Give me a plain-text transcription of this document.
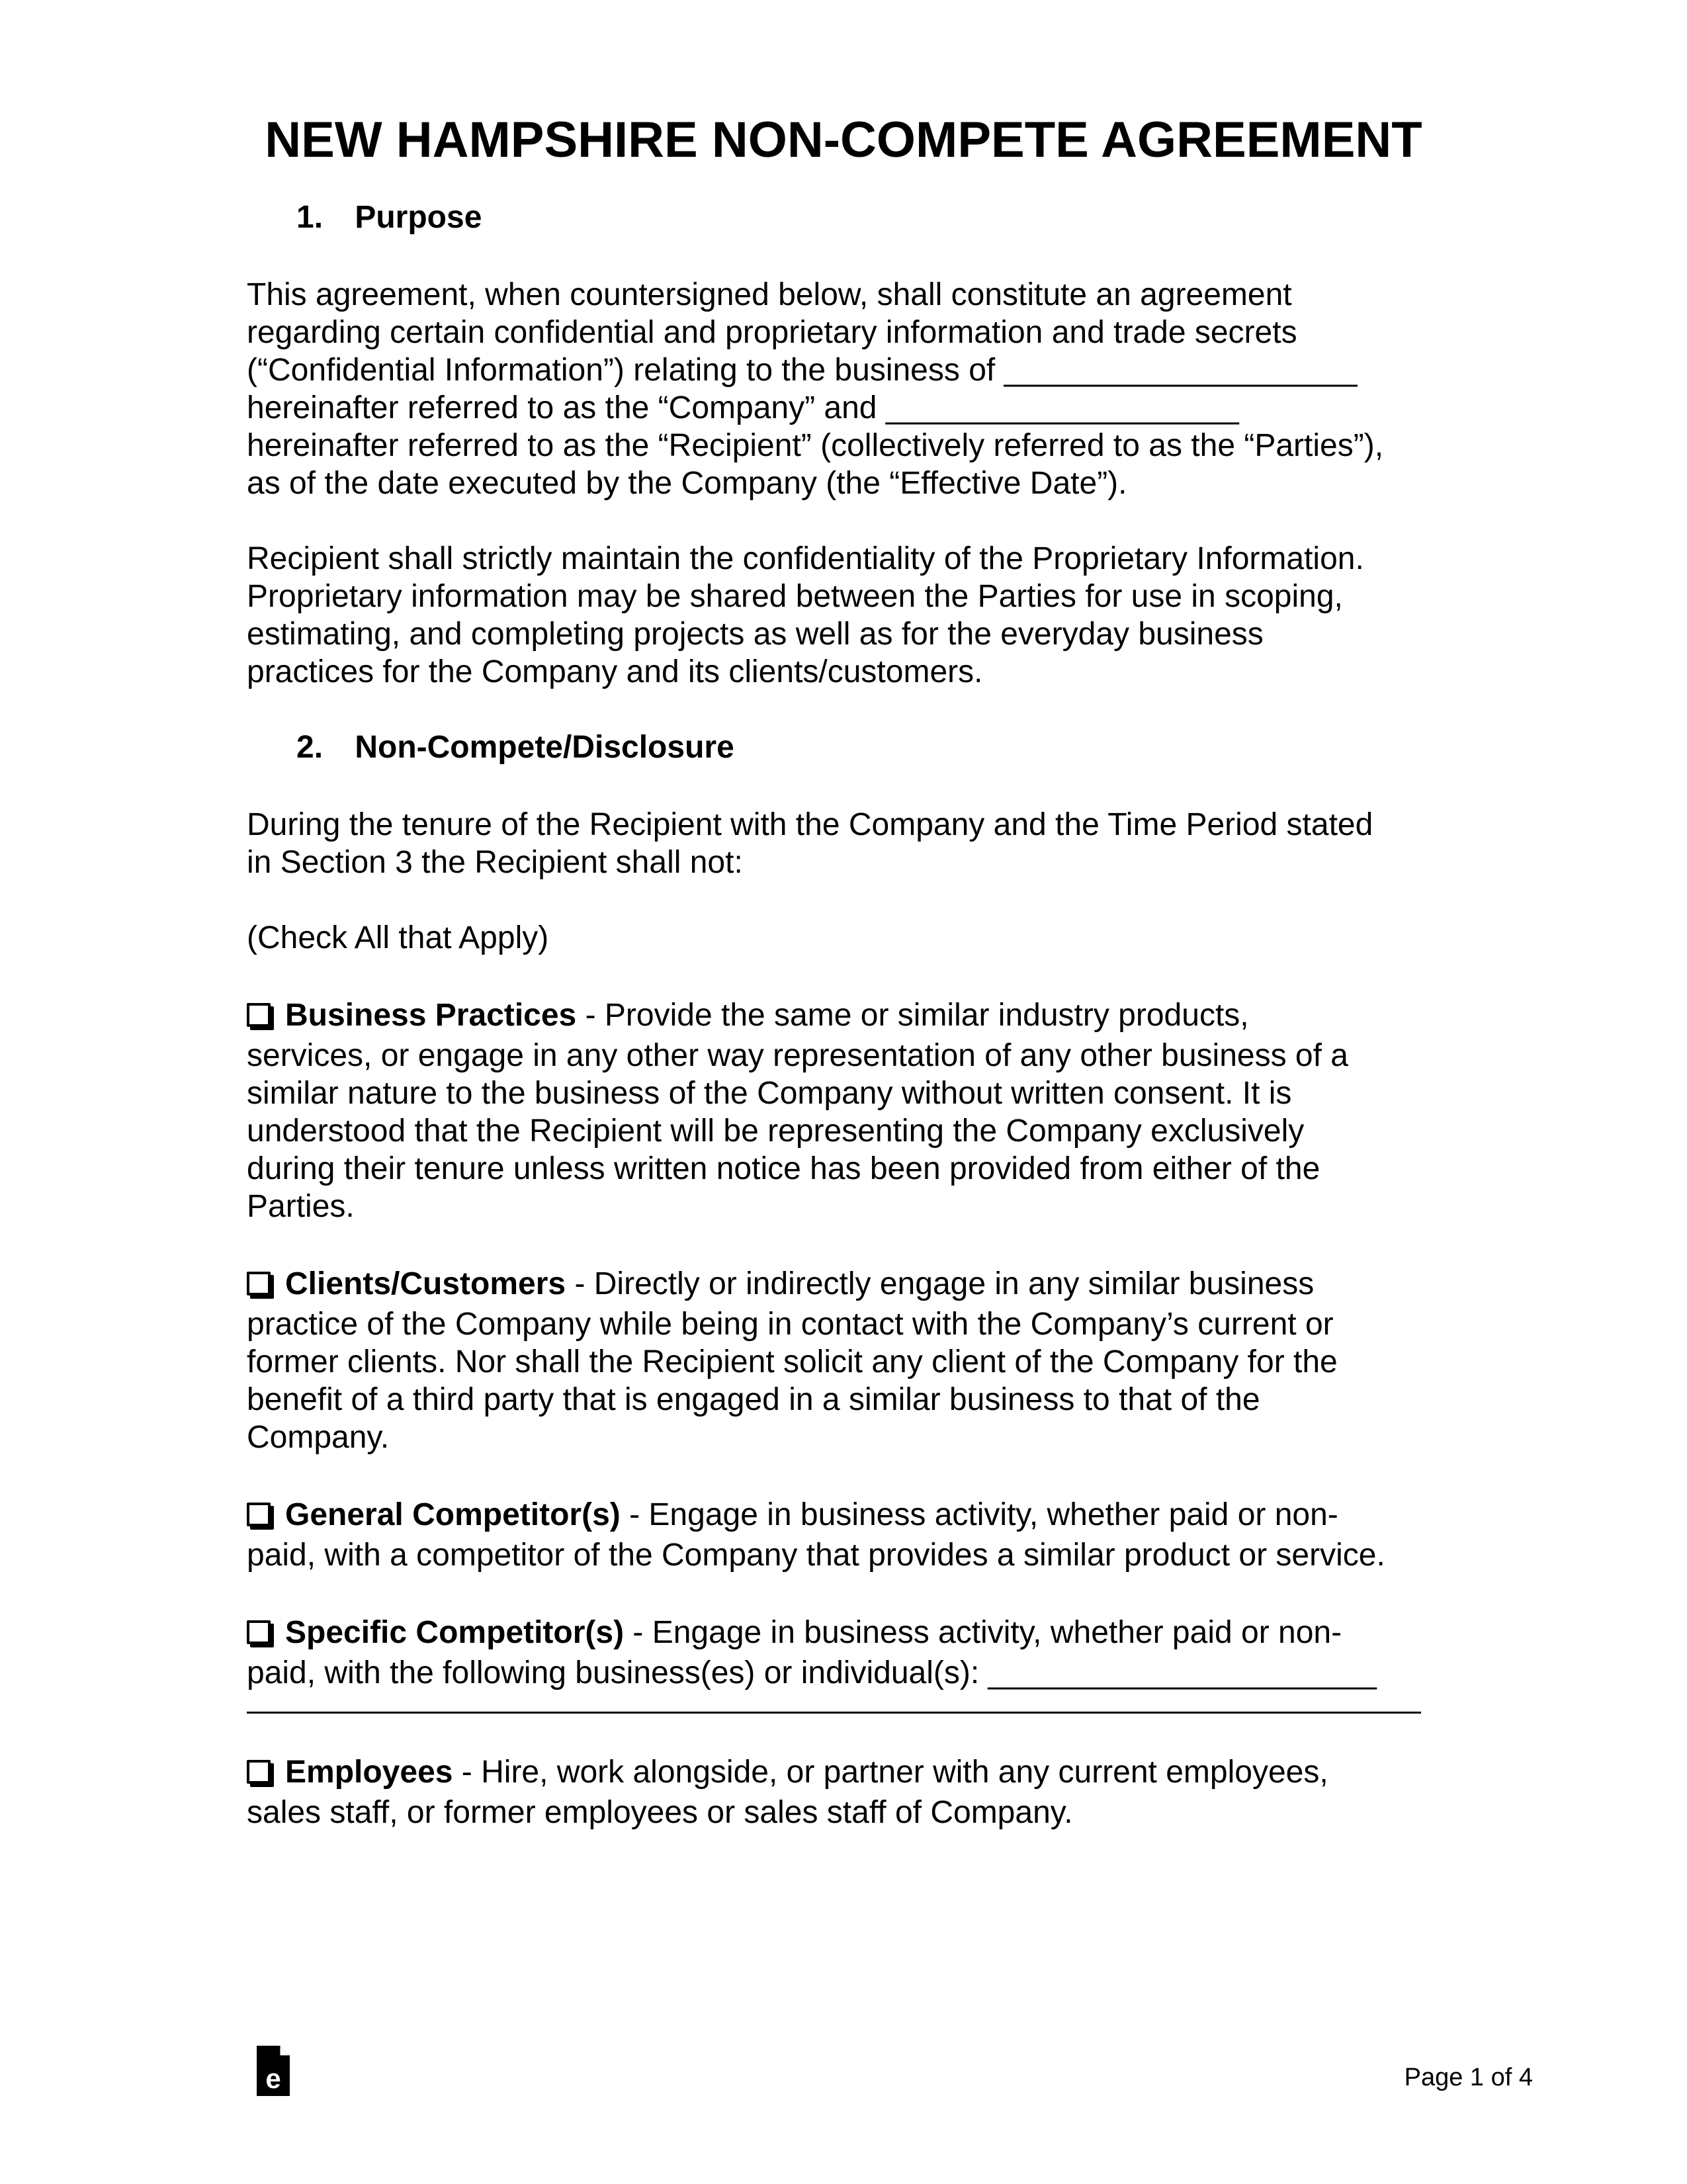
NEW HAMPSHIRE NON-COMPETE AGREEMENT
1. Purpose
This agreement, when countersigned below, shall constitute an agreement
regarding certain confidential and proprietary information and trade secrets
(“Confidential Information”) relating to the business of ____________________
hereinafter referred to as the “Company” and ____________________
hereinafter referred to as the “Recipient” (collectively referred to as the “Parties”),
as of the date executed by the Company (the “Effective Date”).
Recipient shall strictly maintain the confidentiality of the Proprietary Information.
Proprietary information may be shared between the Parties for use in scoping,
estimating, and completing projects as well as for the everyday business
practices for the Company and its clients/customers.
2. Non-Compete/Disclosure
During the tenure of the Recipient with the Company and the Time Period stated
in Section 3 the Recipient shall not:
(Check All that Apply)
Business Practices - Provide the same or similar industry products,
services, or engage in any other way representation of any other business of a
similar nature to the business of the Company without written consent. It is
understood that the Recipient will be representing the Company exclusively
during their tenure unless written notice has been provided from either of the
Parties.
Clients/Customers - Directly or indirectly engage in any similar business
practice of the Company while being in contact with the Company’s current or
former clients. Nor shall the Recipient solicit any client of the Company for the
benefit of a third party that is engaged in a similar business to that of the
Company.
General Competitor(s) - Engage in business activity, whether paid or non-
paid, with a competitor of the Company that provides a similar product or service.
Specific Competitor(s) - Engage in business activity, whether paid or non-
paid, with the following business(es) or individual(s): ______________________
Employees - Hire, work alongside, or partner with any current employees,
sales staff, or former employees or sales staff of Company.
e	Page 1 of 4
